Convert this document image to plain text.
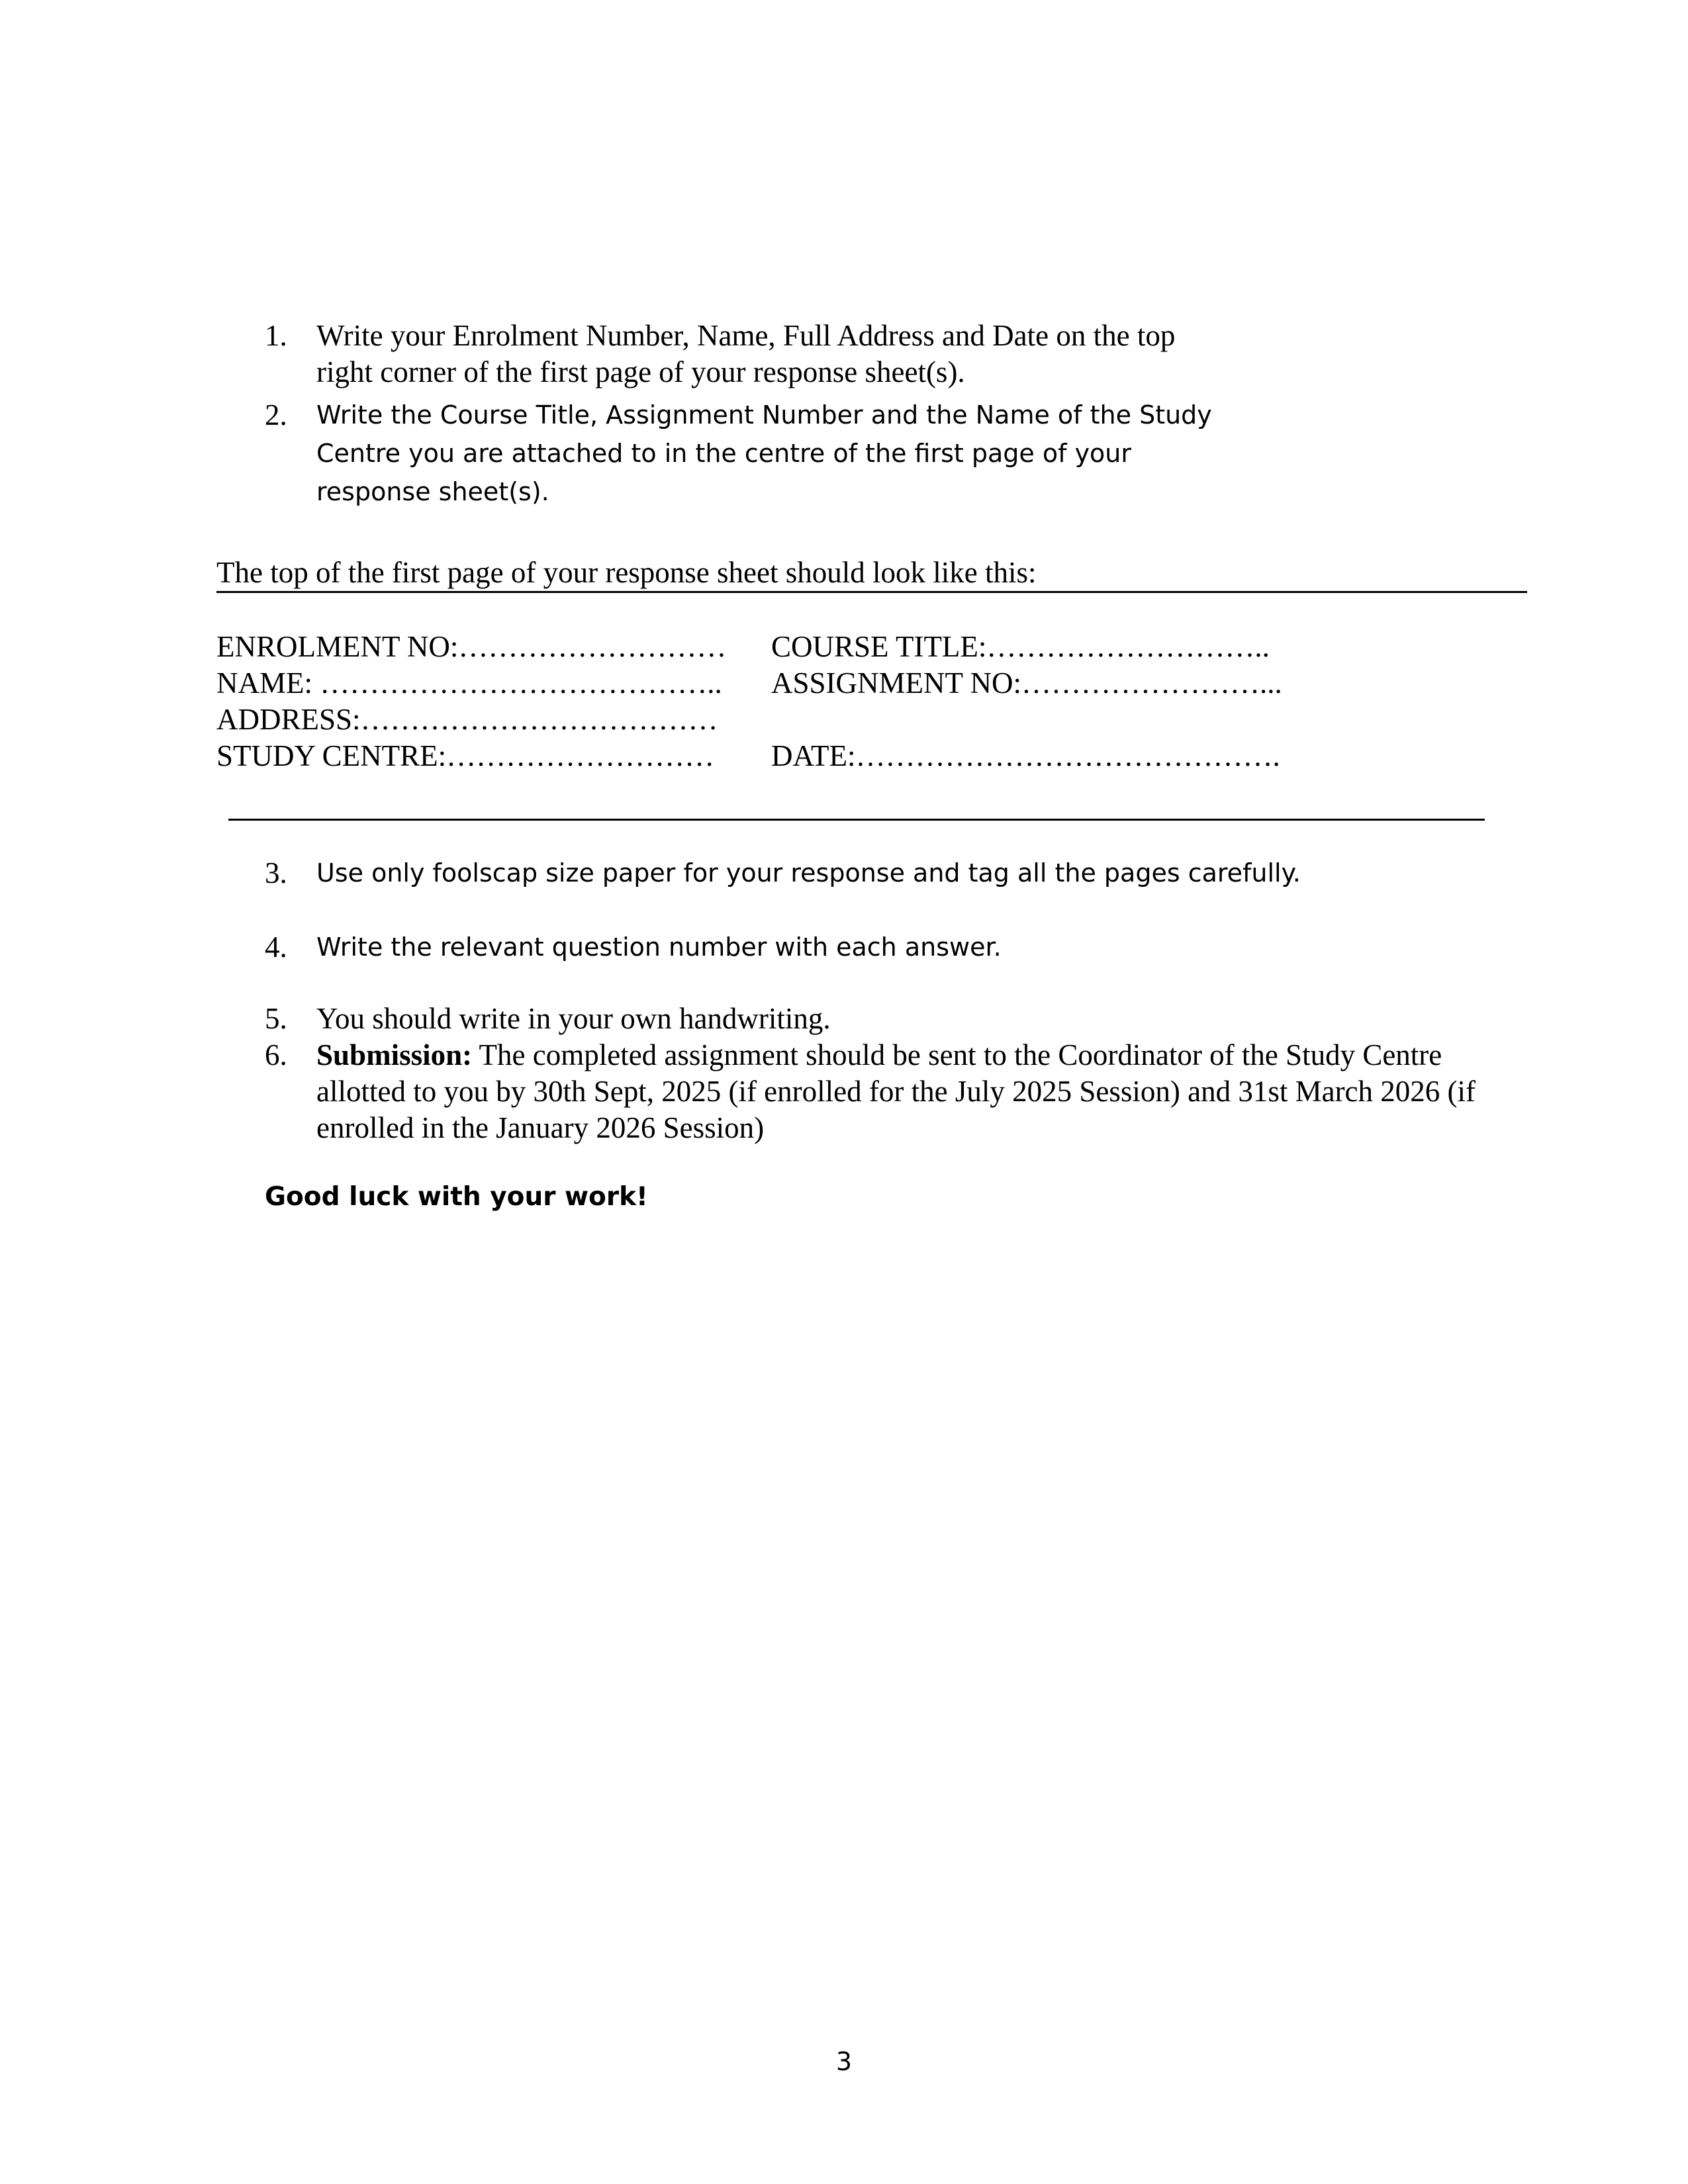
1. Write your Enrolment Number, Name, Full Address and Date on the top right corner of the first page of your response sheet(s).
2.	Write the Course Title, Assignment Number and the Name of the Study Centre you are attached to in the centre of the first page of your response sheet(s).
The top of the first page of your response sheet should look like this:
ENROLMENT NO:……………………… COURSE TITLE:………………………..
NAME: ………………………………….. ASSIGNMENT NO:……………………...
ADDRESS:………………………………
STUDY CENTRE:……………………… DATE:…………………………………….
3.	Use only foolscap size paper for your response and tag all the pages carefully.
4.	Write the relevant question number with each answer.
5. You should write in your own handwriting.
6. Submission: The completed assignment should be sent to the Coordinator of the Study Centre allotted to you by 30th Sept, 2025 (if enrolled for the July 2025 Session) and 31st March 2026 (if enrolled in the January 2026 Session)
Good luck with your work!
3
